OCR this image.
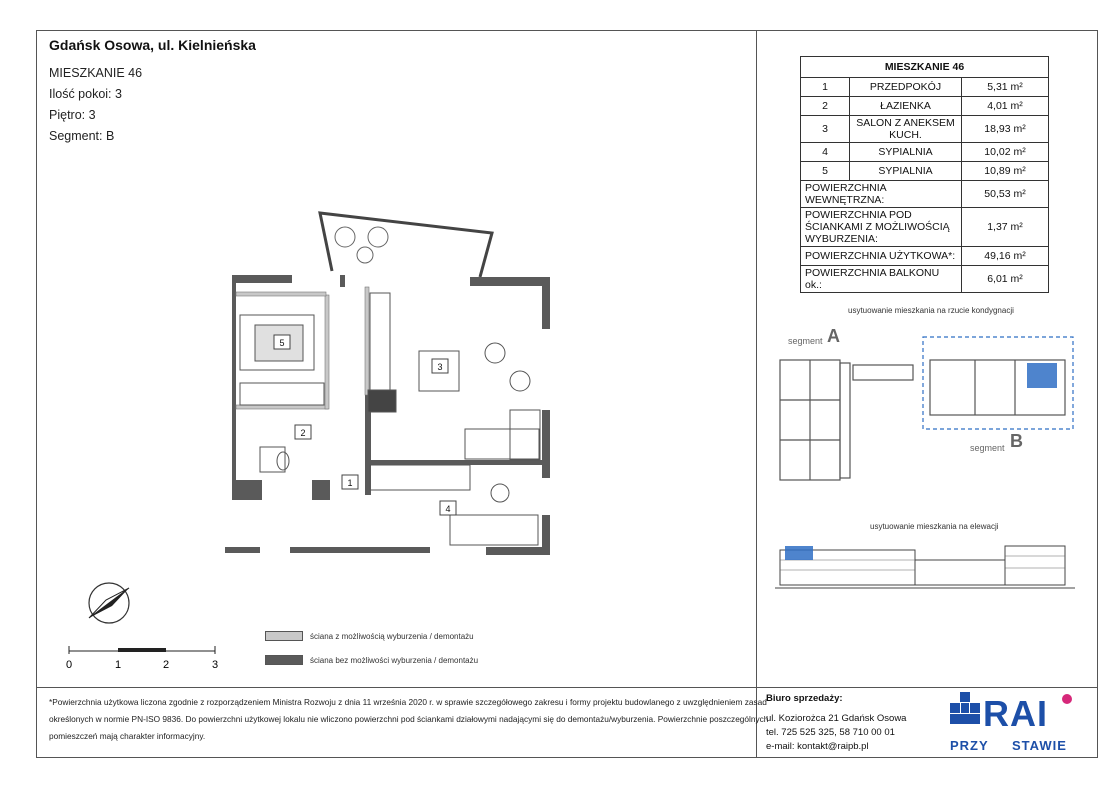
Gdańsk Osowa, ul. Kielnieńska
MIESZKANIE 46
Ilość pokoi: 3
Piętro: 3
Segment: B
MIESZKANIE 46		
1	PRZEDPOKÓJ	5,31 m²
2	ŁAZIENKA	4,01 m²
3	SALON Z ANEKSEM KUCH.	18,93 m²
4	SYPIALNIA	10,02 m²
5	SYPIALNIA	10,89 m²
POWIERZCHNIA WEWNĘTRZNA:		50,53 m²
POWIERZCHNIA POD ŚCIANKAMI Z MOŻLIWOŚCIĄ WYBURZENIA:		1,37 m²
POWIERZCHNIA UŻYTKOWA*:		49,16 m²
POWIERZCHNIA BALKONU ok.:		6,01 m²
5
2
3
1
4
0	1	2	3
ściana z możliwością wyburzenia / demontażu
ściana bez możliwości wyburzenia / demontażu
usytuowanie mieszkania na rzucie kondygnacji
segment A
segment B
usytuowanie mieszkania na elewacji
*Powierzchnia użytkowa liczona zgodnie z rozporządzeniem Ministra Rozwoju z dnia 11 września 2020 r. w sprawie szczegółowego zakresu i formy projektu budowlanego z uwzględnieniem zasad
określonych w normie PN-ISO 9836. Do powierzchni użytkowej lokalu nie wliczono powierzchni pod ściankami działowymi nadającymi się do demontażu/wyburzenia. Powierzchnie poszczególnych
pomieszczeń mają charakter informacyjny.
Biuro sprzedaży:
ul. Koziorożca 21 Gdańsk Osowa
tel. 725 525 325, 58 710 00 01
e-mail: kontakt@raipb.pl
RAI
PRZY STAWIE
